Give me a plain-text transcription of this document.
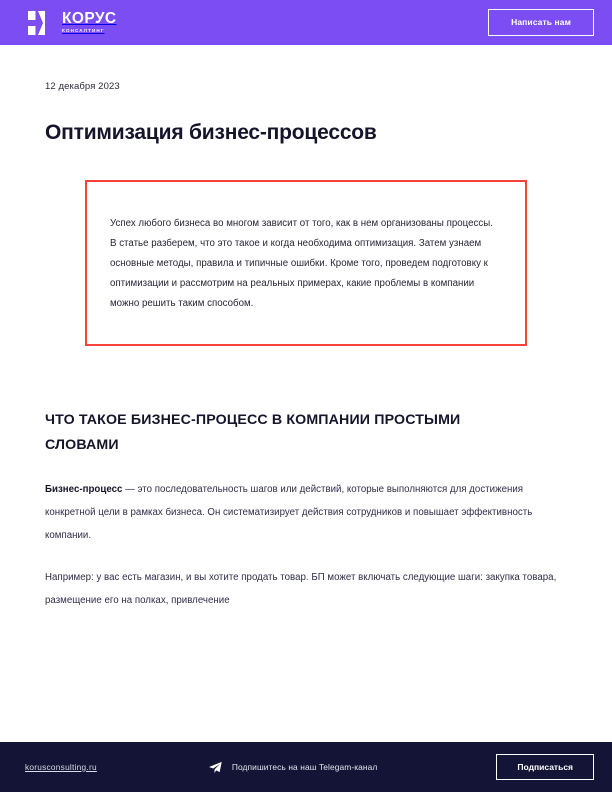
КОРУС
КОНСАЛТИНГ
Написать нам
12 декабря 2023
Оптимизация бизнес-процессов

Успех любого бизнеса во многом зависит от того, как в нем организованы процессы. В статье разберем, что это такое и когда необходима оптимизация. Затем узнаем основные методы, правила и типичные ошибки. Кроме того, проведем подготовку к оптимизации и рассмотрим на реальных примерах, какие проблемы в компании можно решить таким способом.

ЧТО ТАКОЕ БИЗНЕС-ПРОЦЕСС В КОМПАНИИ ПРОСТЫМИ СЛОВАМИ

Бизнес-процесс — это последовательность шагов или действий, которые выполняются для достижения конкретной цели в рамках бизнеса. Он систематизирует действия сотрудников и повышает эффективность компании.

Например: у вас есть магазин, и вы хотите продать товар. БП может включать следующие шаги: закупка товара, размещение его на полках, привлечение

korusconsulting.ru	Подпишитесь на наш Telegam-канал	Подписаться
